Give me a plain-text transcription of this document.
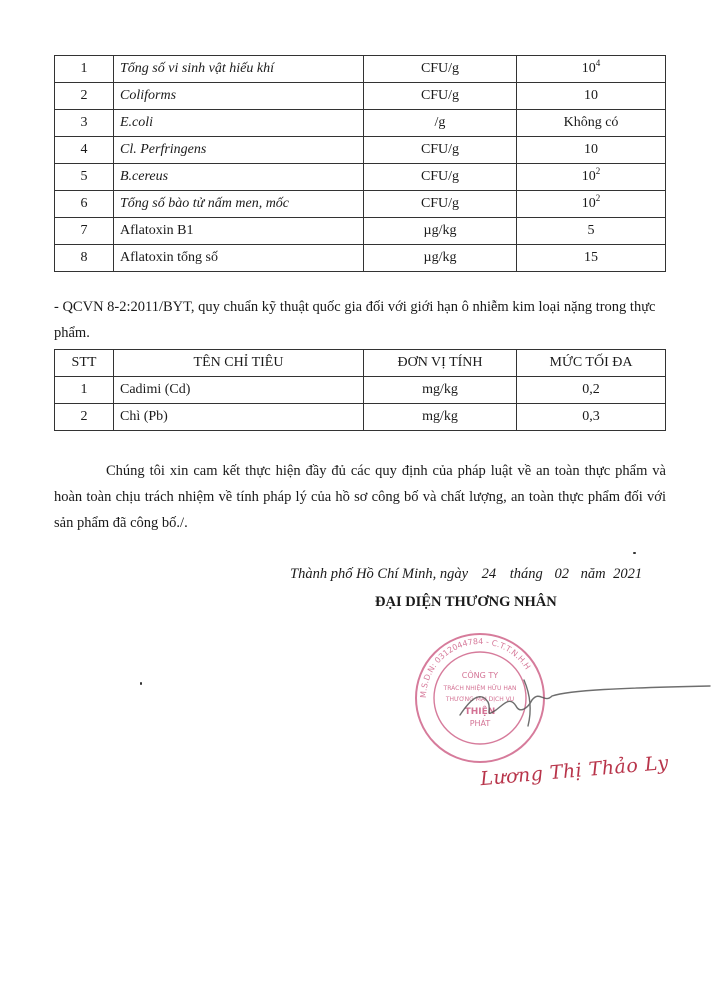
1	Tổng số vi sinh vật hiếu khí	CFU/g	$10^4$
2	Coliforms	CFU/g	10
3	E.coli	/g	Không có
4	Cl. Perfringens	CFU/g	10
5	B.cereus	CFU/g	$10^2$
6	Tổng số bào tử nấm men, mốc	CFU/g	$10^2$
7	Aflatoxin B1	µg/kg	5
8	Aflatoxin tổng số	µg/kg	15

- QCVN 8-2:2011/BYT, quy chuẩn kỹ thuật quốc gia đối với giới hạn ô nhiễm kim loại nặng trong thực phẩm.

STT	TÊN CHỈ TIÊU	ĐƠN VỊ TÍNH	MỨC TỐI ĐA
1	Cadimi (Cd)	mg/kg	0,2
2	Chì (Pb)	mg/kg	0,3

Chúng tôi xin cam kết thực hiện đầy đủ các quy định của pháp luật về an toàn thực phẩm và hoàn toàn chịu trách nhiệm về tính pháp lý của hồ sơ công bố và chất lượng, an toàn thực phẩm đối với sản phẩm đã công bố./.

Thành phố Hồ Chí Minh, ngày 24 tháng 02 năm 2021
ĐẠI DIỆN THƯƠNG NHÂN
M.S.D.N: 0312044784 - C.T.T.N.H.H
CÔNG TY
TRÁCH NHIỆM HỮU HẠN
THƯƠNG MẠI DỊCH VỤ
THIỆN
PHÁT
Lương Thị Thảo Ly
